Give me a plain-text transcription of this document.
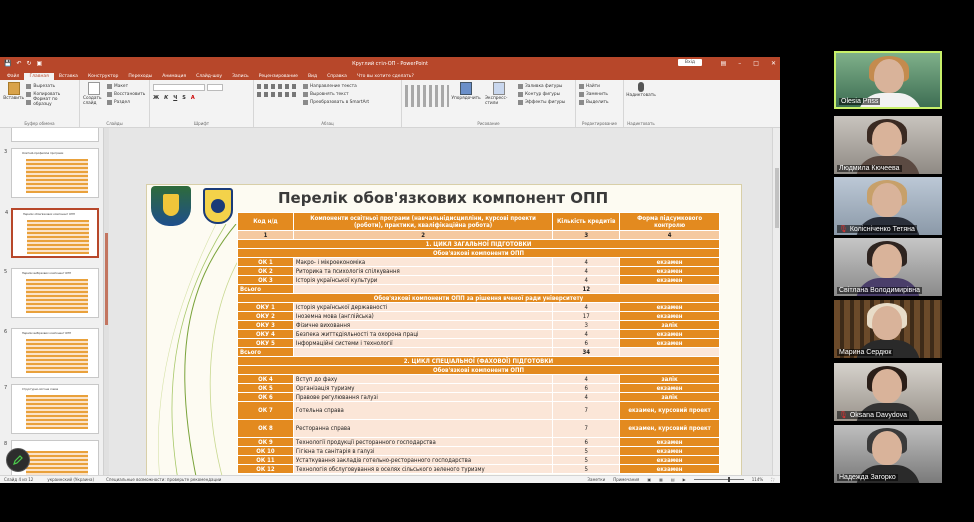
💾 ↶ ↻ ▣	Круглий стіл-ОП - PowerPoint	Вхід	▤ – □ ✕
Файл	Главная	Вставка	Конструктор	Переходы	Анимация	Слайд-шоу	Запись	Рецензирование	Вид	Справка	Что вы хотите сделать?
Вставить
Вырезать
Копировать
Формат по образцу
Буфер обмена
Создать слайд
Макет
Восстановить
Раздел
Слайды
Ж К Ч S A
Шрифт
Направление текста
Выровнять текст
Преобразовать в SmartArt
Абзац
Упорядочить Экспресс-стили
Заливка фигуры
Контур фигуры
Эффекты фигуры
Рисование
Найти
Заменить
Выделить
Редактирование
Надиктовать
Надиктовать
3	Освітній-професійні програми
4	Перелік обов'язкових компонент ОПП
5	Перелік вибіркових компонент ОПП
6	Перелік вибіркових компонент ОПП
7	Структурно-логічна схема
8
Перелік обов'язкових компонент ОПП
Код н/д	Компоненти освітньої програми (навчальнідисципліни, курсові проекти (роботи), практики, кваліфікаційна робота)	Кількість кредитів	Форма підсумкового контролю
1	2	3	4
1. ЦИКЛ ЗАГАЛЬНОЇ ПІДГОТОВКИ			
Обов'язкові компоненти ОПП			
ОК 1	Макро- і мікроекономіка	4	екзамен
ОК 2	Риторика та психологія спілкування	4	екзамен
ОК 3	Історія української культури	4	екзамен
Всього		12	
Обов'язкові компоненти ОПП за рішення вченої ради університету			
ОКУ 1	Історія української державності	4	екзамен
ОКУ 2	Іноземна мова (англійська)	17	екзамен
ОКУ 3	Фізичне виховання	3	залік
ОКУ 4	Безпека життєдіяльності та охорона праці	4	екзамен
ОКУ 5	Інформаційні системи і технології	6	екзамен
Всього		34	
2. ЦИКЛ СПЕЦІАЛЬНОЇ (ФАХОВОЇ) ПІДГОТОВКИ			
Обов'язкові компоненти ОПП			
ОК 4	Вступ до фаху	4	залік
ОК 5	Організація туризму	6	екзамен
ОК 6	Правове регулювання галузі	4	залік
ОК 7	Готельна справа	7	екзамен, курсовий проект
ОК 8	Ресторанна справа	7	екзамен, курсовий проект
ОК 9	Технології продукції ресторанного господарства	6	екзамен
ОК 10	Гігієна та санітарія в галузі	5	екзамен
ОК 11	Устаткування закладів готельно-ресторанного господарства	5	екзамен
ОК 12	Технологія обслуговування в оселях сільського зеленого туризму	5	екзамен
Слайд 4 из 12	украинский (Украина)	Специальные возможности: проверьте рекомендации	Заметки Примечания ▣ ▦ ▤ ▶	114% ⛶
Olesia Priss
Людмила Кючеева
🎙 Колісніченко Тетяна
Світлана Володимирівна
Марина Сердюк
🎙 Oksana Davydova
Надежда Загорко
